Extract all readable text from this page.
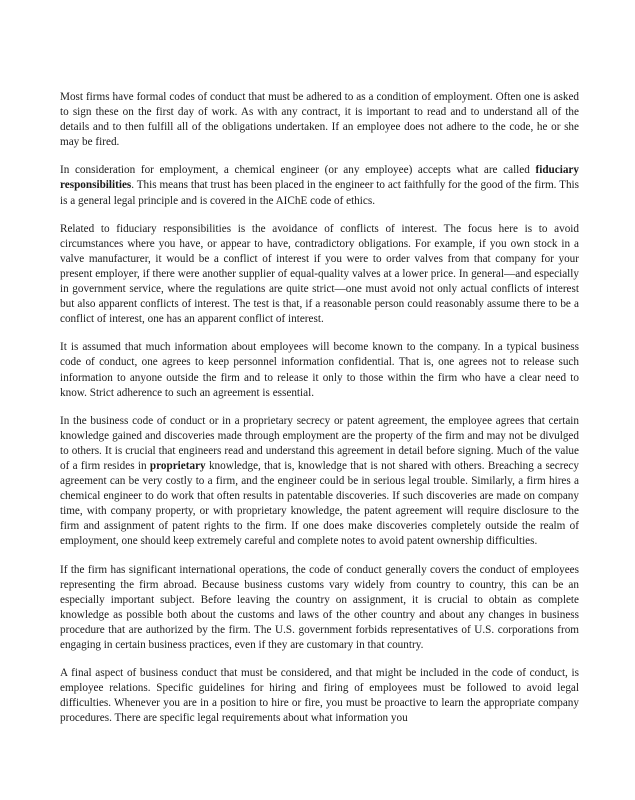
Most firms have formal codes of conduct that must be adhered to as a condition of employment. Often one is asked to sign these on the first day of work. As with any contract, it is important to read and to understand all of the details and to then fulfill all of the obligations undertaken. If an employee does not adhere to the code, he or she may be fired.

In consideration for employment, a chemical engineer (or any employee) accepts what are called fiduciary responsibilities. This means that trust has been placed in the engineer to act faithfully for the good of the firm. This is a general legal principle and is covered in the AIChE code of ethics.

Related to fiduciary responsibilities is the avoidance of conflicts of interest. The focus here is to avoid circumstances where you have, or appear to have, contradictory obligations. For example, if you own stock in a valve manufacturer, it would be a conflict of interest if you were to order valves from that company for your present employer, if there were another supplier of equal-quality valves at a lower price. In general—and especially in government service, where the regulations are quite strict—one must avoid not only actual conflicts of interest but also apparent conflicts of interest. The test is that, if a reasonable person could reasonably assume there to be a conflict of interest, one has an apparent conflict of interest.

It is assumed that much information about employees will become known to the company. In a typical business code of conduct, one agrees to keep personnel information confidential. That is, one agrees not to release such information to anyone outside the firm and to release it only to those within the firm who have a clear need to know. Strict adherence to such an agreement is essential.

In the business code of conduct or in a proprietary secrecy or patent agreement, the employee agrees that certain knowledge gained and discoveries made through employment are the property of the firm and may not be divulged to others. It is crucial that engineers read and understand this agreement in detail before signing. Much of the value of a firm resides in proprietary knowledge, that is, knowledge that is not shared with others. Breaching a secrecy agreement can be very costly to a firm, and the engineer could be in serious legal trouble. Similarly, a firm hires a chemical engineer to do work that often results in patentable discoveries. If such discoveries are made on company time, with company property, or with proprietary knowledge, the patent agreement will require disclosure to the firm and assignment of patent rights to the firm. If one does make discoveries completely outside the realm of employment, one should keep extremely careful and complete notes to avoid patent ownership difficulties.

If the firm has significant international operations, the code of conduct generally covers the conduct of employees representing the firm abroad. Because business customs vary widely from country to country, this can be an especially important subject. Before leaving the country on assignment, it is crucial to obtain as complete knowledge as possible both about the customs and laws of the other country and about any changes in business procedure that are authorized by the firm. The U.S. government forbids representatives of U.S. corporations from engaging in certain business practices, even if they are customary in that country.

A final aspect of business conduct that must be considered, and that might be included in the code of conduct, is employee relations. Specific guidelines for hiring and firing of employees must be followed to avoid legal difficulties. Whenever you are in a position to hire or fire, you must be proactive to learn the appropriate company procedures. There are specific legal requirements about what information you
